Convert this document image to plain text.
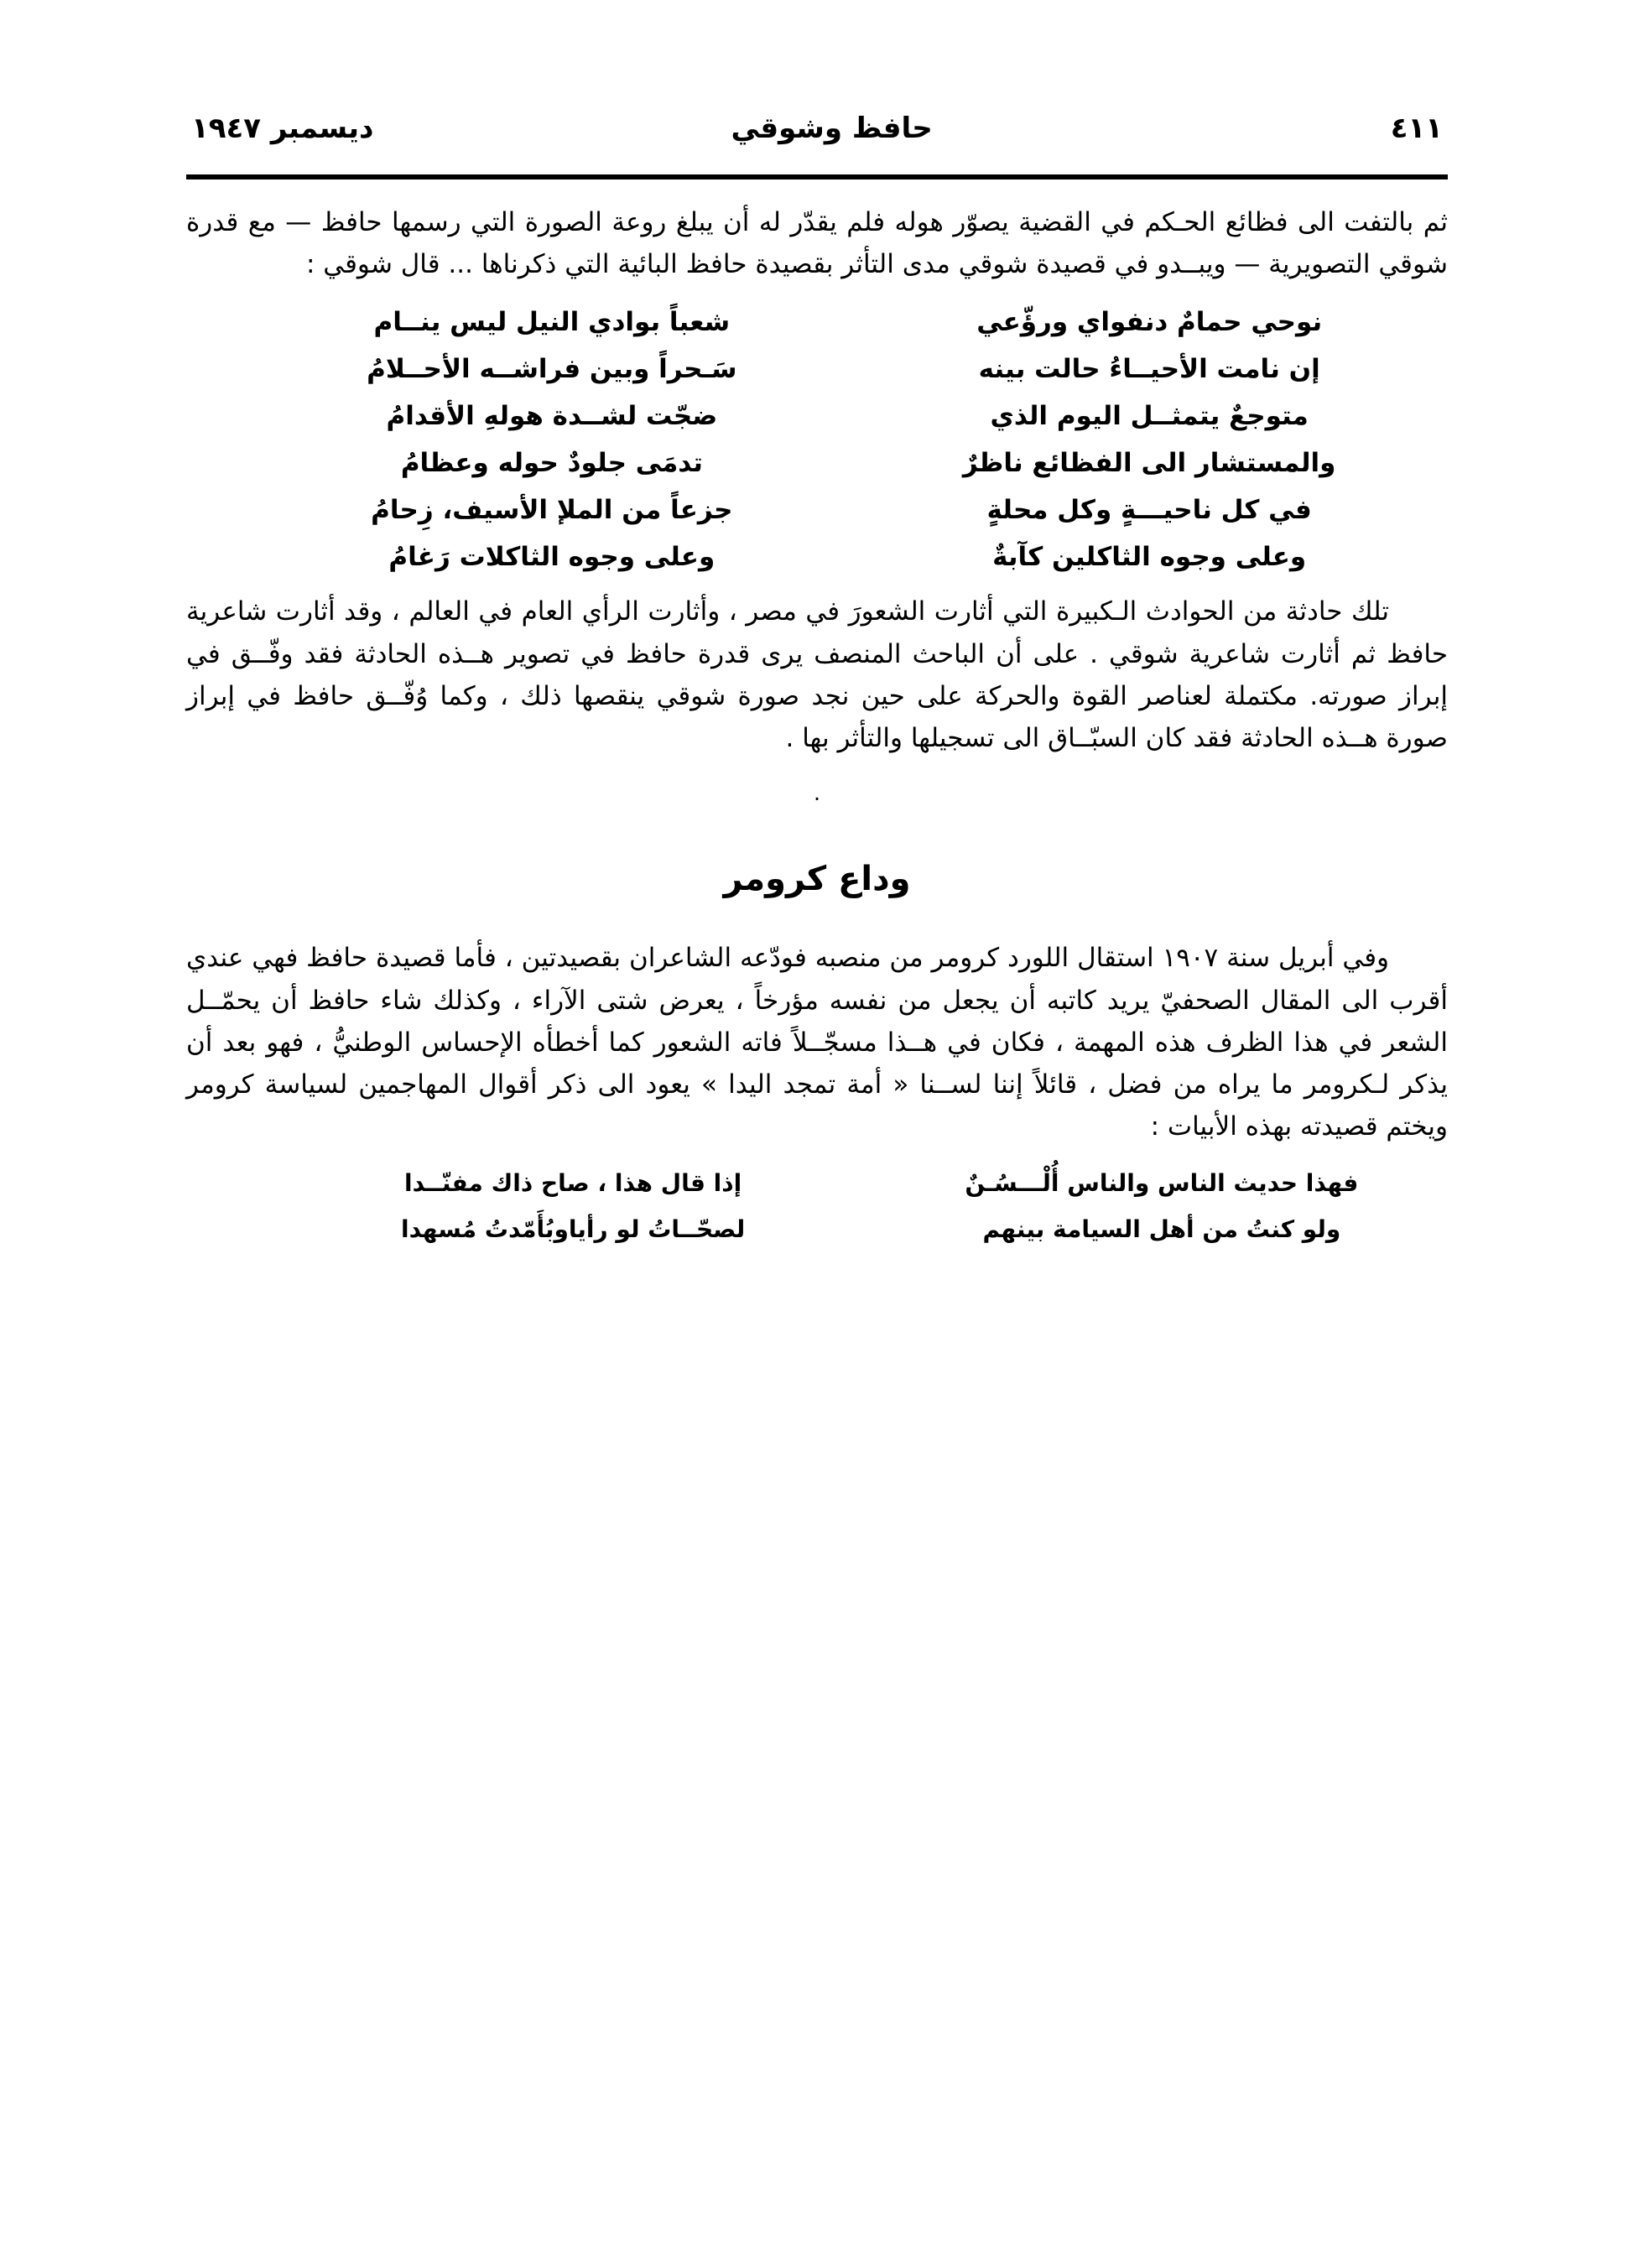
ديسمبر ١٩٤٧	حافظ وشوقي	٤١١

ثم بالتفت الى فظائع الحـكم في القضية يصوّر هوله فلم يقدّر له أن يبلغ روعة الصورة التي رسمها حافظ — مع قدرة شوقي التصويرية — ويبــدو في قصيدة شوقي مدى التأثر بقصيدة حافظ البائية التي ذكرناها ... قال شوقي :

نوحي حمامٌ دنفواي ورؤّعي
شعباً بوادي النيل ليس ينــام
إن نامت الأحيــاءُ حالت بينه
سَـحراً وبين فراشــه الأحــلامُ
متوجعٌ يتمثــل اليوم الذي
ضجّت لشــدة هولهِ الأقدامُ
والمستشار الى الفظائع ناظرٌ
تدمَى جلودٌ حوله وعظامُ
في كل ناحيـــةٍ وكل محلةٍ
جزعاً من الملإ الأسيف، زِحامُ
وعلى وجوه الثاكلين كآبةٌ
وعلى وجوه الثاكلات رَغامُ

تلك حادثة من الحوادث الـكبيرة التي أثارت الشعورَ في مصر ، وأثارت الرأي العام في العالم ، وقد أثارت شاعرية حافظ ثم أثارت شاعرية شوقي . على أن الباحث المنصف يرى قدرة حافظ في تصوير هــذه الحادثة فقد وفّــق في إبراز صورته. مكتملة لعناصر القوة والحركة على حين نجد صورة شوقي ينقصها ذلك ، وكما وُفّــق حافظ في إبراز صورة هــذه الحادثة فقد كان السبّــاق الى تسجيلها والتأثر بها .

.
وداع كرومر

وفي أبريل سنة ١٩٠٧ استقال اللورد كرومر من منصبه فودّعه الشاعران بقصيدتين ، فأما قصيدة حافظ فهي عندي أقرب الى المقال الصحفيّ يريد كاتبه أن يجعل من نفسه مؤرخاً ، يعرض شتى الآراء ، وكذلك شاء حافظ أن يحمّــل الشعر في هذا الظرف هذه المهمة ، فكان في هــذا مسجّــلاً فاته الشعور كما أخطأه الإحساس الوطنيُّ ، فهو بعد أن يذكر لـكرومر ما يراه من فضل ، قائلاً إننا لســنا « أمة تمجد اليدا » يعود الى ذكر أقوال المهاجمين لسياسة كرومر ويختم قصيدته بهذه الأبيات :

فهذا حديث الناس والناس أُلْـــسُـنٌ
إذا قال هذا ، صاح ذاك مفنّــدا
ولو كنتُ من أهل السيامة بينهم
لصحّــاتُ لو رأياوبُأَمّدتُ مُسهدا
